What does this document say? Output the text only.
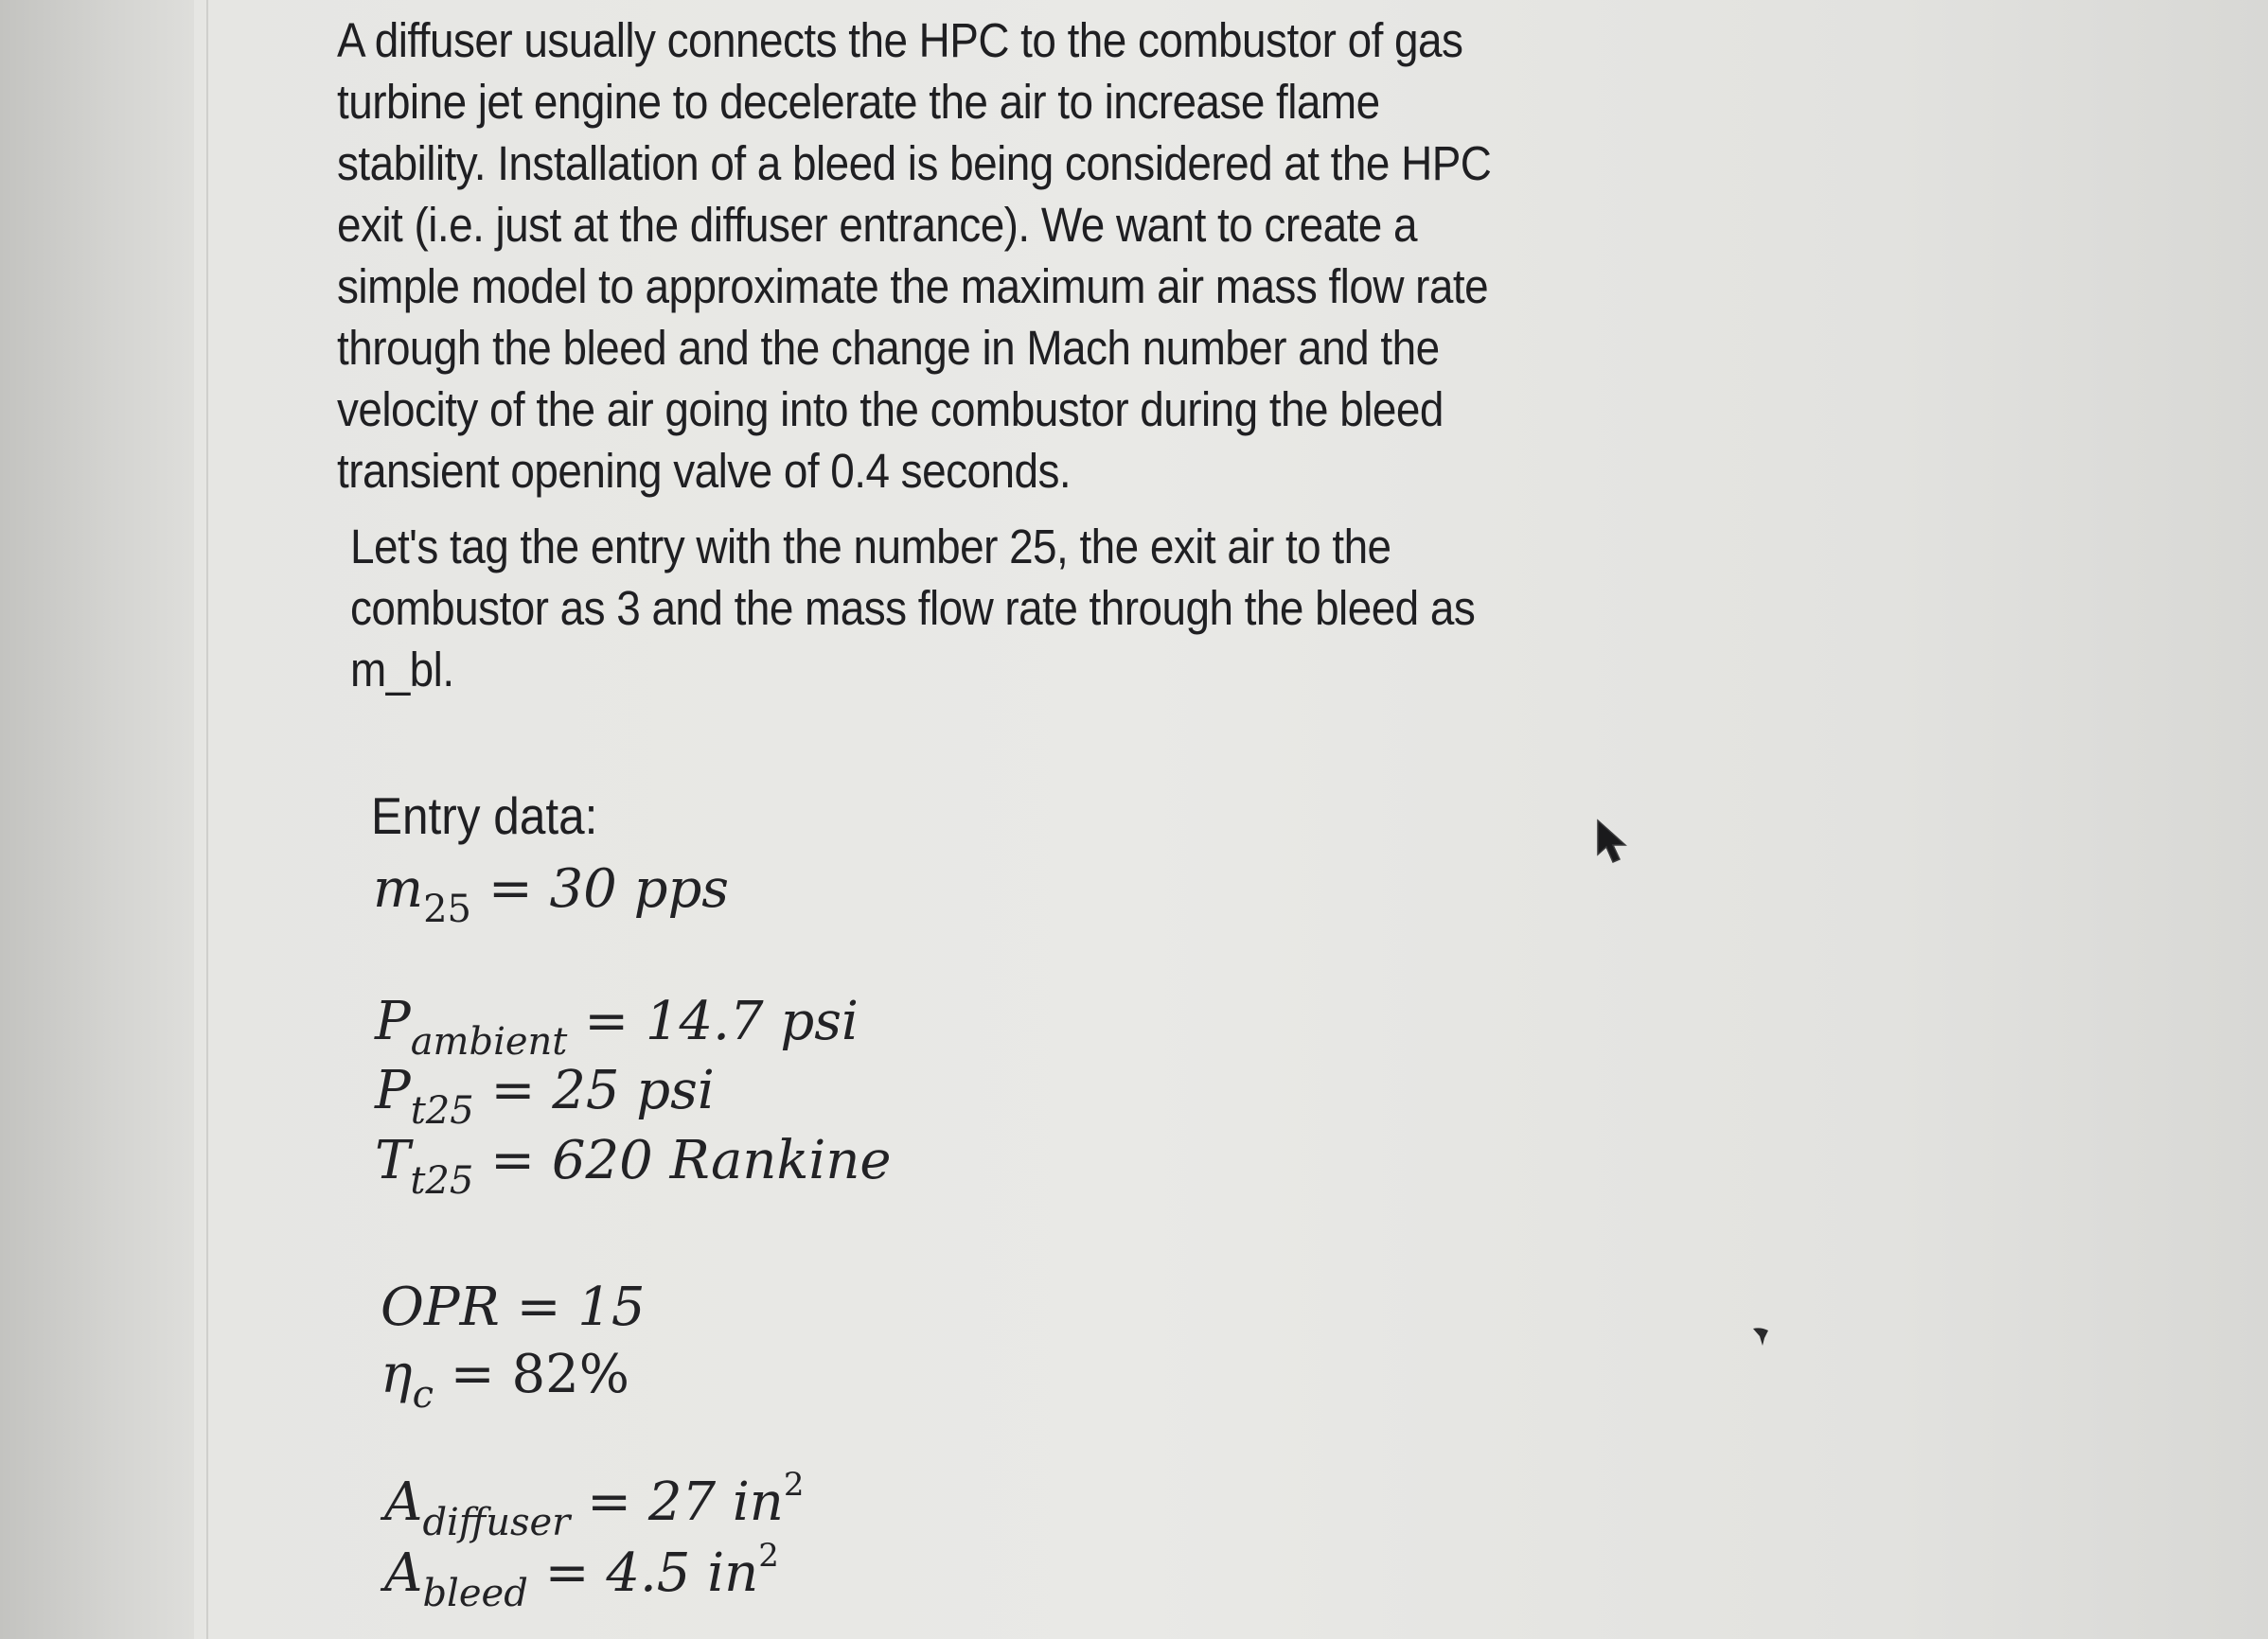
A diffuser usually connects the HPC to the combustor of gas
turbine jet engine to decelerate the air to increase flame
stability. Installation of a bleed is being considered at the HPC
exit (i.e. just at the diffuser entrance). We want to create a
simple model to approximate the maximum air mass flow rate
through the bleed and the change in Mach number and the
velocity of the air going into the combustor during the bleed
transient opening valve of 0.4 seconds.

Let's tag the entry with the number 25, the exit air to the
combustor as 3 and the mass flow rate through the bleed as
m_bl.

Entry data:

$m_{25} = 30$ pps
$P_{ambient} = 14.7$ psi
$P_{t25} = 25$ psi
$T_{t25} = 620$ Rankine
OPR = 15
$\eta_c = 82\%$
$A_{diffuser} = 27$ $in^2$
$A_{bleed} = 4.5$ $in^2$
